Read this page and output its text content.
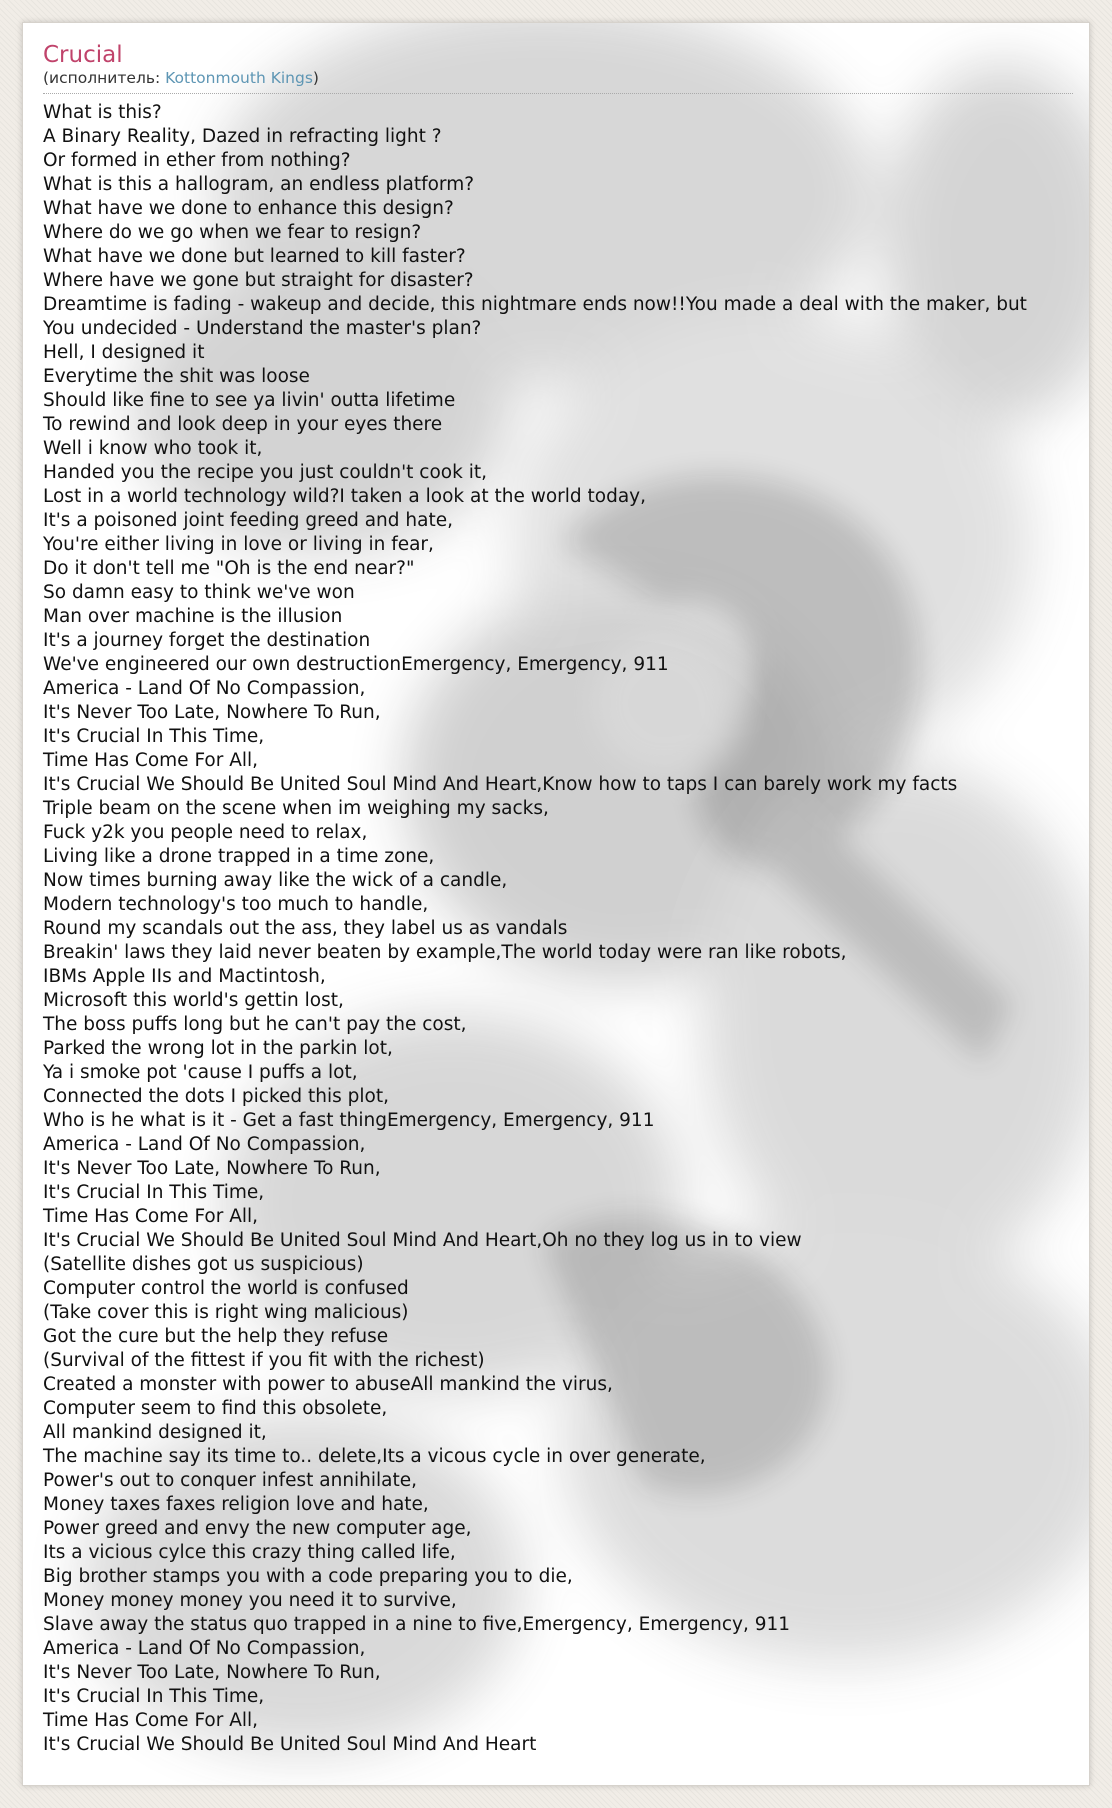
Crucial
(исполнитель: Kottonmouth Kings)
What is this?
A Binary Reality, Dazed in refracting light ?
Or formed in ether from nothing?
What is this a hallogram, an endless platform?
What have we done to enhance this design?
Where do we go when we fear to resign?
What have we done but learned to kill faster?
Where have we gone but straight for disaster?
Dreamtime is fading - wakeup and decide, this nightmare ends now!!You made a deal with the maker, but
You undecided - Understand the master's plan?
Hell, I designed it
Everytime the shit was loose
Should like fine to see ya livin' outta lifetime
To rewind and look deep in your eyes there
Well i know who took it,
Handed you the recipe you just couldn't cook it,
Lost in a world technology wild?I taken a look at the world today,
It's a poisoned joint feeding greed and hate,
You're either living in love or living in fear,
Do it don't tell me "Oh is the end near?"
So damn easy to think we've won
Man over machine is the illusion
It's a journey forget the destination
We've engineered our own destructionEmergency, Emergency, 911
America - Land Of No Compassion,
It's Never Too Late, Nowhere To Run,
It's Crucial In This Time,
Time Has Come For All,
It's Crucial We Should Be United Soul Mind And Heart,Know how to taps I can barely work my facts
Triple beam on the scene when im weighing my sacks,
Fuck y2k you people need to relax,
Living like a drone trapped in a time zone,
Now times burning away like the wick of a candle,
Modern technology's too much to handle,
Round my scandals out the ass, they label us as vandals
Breakin' laws they laid never beaten by example,The world today were ran like robots,
IBMs Apple IIs and Mactintosh,
Microsoft this world's gettin lost,
The boss puffs long but he can't pay the cost,
Parked the wrong lot in the parkin lot,
Ya i smoke pot 'cause I puffs a lot,
Connected the dots I picked this plot,
Who is he what is it - Get a fast thingEmergency, Emergency, 911
America - Land Of No Compassion,
It's Never Too Late, Nowhere To Run,
It's Crucial In This Time,
Time Has Come For All,
It's Crucial We Should Be United Soul Mind And Heart,Oh no they log us in to view
(Satellite dishes got us suspicious)
Computer control the world is confused
(Take cover this is right wing malicious)
Got the cure but the help they refuse
(Survival of the fittest if you fit with the richest)
Created a monster with power to abuseAll mankind the virus,
Computer seem to find this obsolete,
All mankind designed it,
The machine say its time to.. delete,Its a vicous cycle in over generate,
Power's out to conquer infest annihilate,
Money taxes faxes religion love and hate,
Power greed and envy the new computer age,
Its a vicious cylce this crazy thing called life,
Big brother stamps you with a code preparing you to die,
Money money money you need it to survive,
Slave away the status quo trapped in a nine to five,Emergency, Emergency, 911
America - Land Of No Compassion,
It's Never Too Late, Nowhere To Run,
It's Crucial In This Time,
Time Has Come For All,
It's Crucial We Should Be United Soul Mind And Heart
